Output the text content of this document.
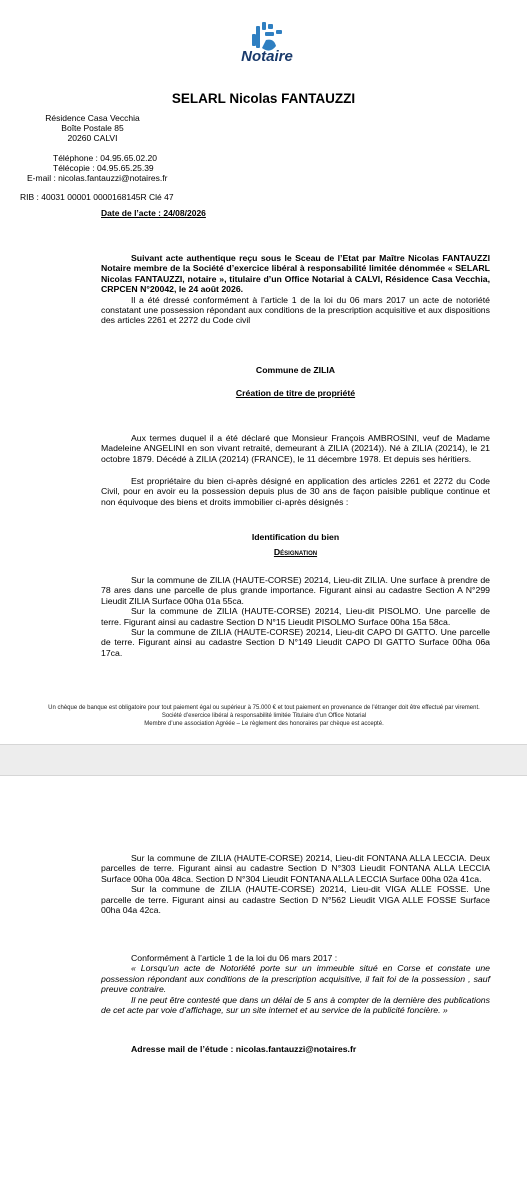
Notaire
SELARL Nicolas FANTAUZZI
Résidence Casa Vecchia
Boîte Postale 85
20260 CALVI
Téléphone : 04.95.65.02.20
Télécopie : 04.95.65.25.39
E-mail : nicolas.fantauzzi@notaires.fr
RIB : 40031 00001 0000168145R Clé 47
Date de l’acte : 24/08/2026
Suivant acte authentique reçu sous le Sceau de l’Etat par Maître Nicolas FANTAUZZI Notaire membre de la Société d’exercice libéral à responsabilité limitée dénommée « SELARL Nicolas FANTAUZZI, notaire », titulaire d’un Office Notarial à CALVI, Résidence Casa Vecchia, CRPCEN N°20042, le 24 août 2026.
Il a été dressé conformément à l’article 1 de la loi du 06 mars 2017 un acte de notoriété constatant une possession répondant aux conditions de la prescription acquisitive et aux dispositions des articles 2261 et 2272 du Code civil
Commune de ZILIA
Création de titre de propriété
Aux termes duquel il a été déclaré que Monsieur François AMBROSINI, veuf de Madame Madeleine ANGELINI en son vivant retraité, demeurant à ZILIA (20214)). Né à ZILIA (20214), le 21 octobre 1879. Décédé à ZILIA (20214) (FRANCE), le 11 décembre 1978. Et depuis ses héritiers.
Est propriétaire du bien ci-après désigné en application des articles 2261 et 2272 du Code Civil, pour en avoir eu la possession depuis plus de 30 ans de façon paisible publique continue et non équivoque des biens et droits immobilier ci-après désignés :
Identification du bien
Désignation
Sur la commune de ZILIA (HAUTE-CORSE) 20214, Lieu-dit ZILIA. Une surface à prendre de 78 ares dans une parcelle de plus grande importance. Figurant ainsi au cadastre Section A N°299 Lieudit ZILIA Surface 00ha 01a 55ca.
Sur la commune de ZILIA (HAUTE-CORSE) 20214, Lieu-dit PISOLMO. Une parcelle de terre. Figurant ainsi au cadastre Section D N°15 Lieudit PISOLMO Surface 00ha 15a 58ca.
Sur la commune de ZILIA (HAUTE-CORSE) 20214, Lieu-dit CAPO DI GATTO. Une parcelle de terre. Figurant ainsi au cadastre Section D N°149 Lieudit CAPO DI GATTO Surface 00ha 06a 17ca.
Un chèque de banque est obligatoire pour tout paiement égal ou supérieur à 75.000 € et tout paiement en provenance de l'étranger doit être effectué par virement.
Société d’exercice libéral à responsabilité limitée Titulaire d’un Office Notarial
Membre d’une association Agréée – Le règlement des honoraires par chèque est accepté.
Sur la commune de ZILIA (HAUTE-CORSE) 20214, Lieu-dit FONTANA ALLA LECCIA. Deux parcelles de terre. Figurant ainsi au cadastre Section D N°303 Lieudit FONTANA ALLA LECCIA Surface 00ha 00a 48ca. Section D N°304 Lieudit FONTANA ALLA LECCIA Surface 00ha 02a 41ca.
Sur la commune de ZILIA (HAUTE-CORSE) 20214, Lieu-dit VIGA ALLE FOSSE. Une parcelle de terre. Figurant ainsi au cadastre Section D N°562 Lieudit VIGA ALLE FOSSE Surface 00ha 04a 42ca.
Conformément à l’article 1 de la loi du 06 mars 2017 :
« Lorsqu’un acte de Notoriété porte sur un immeuble situé en Corse et constate une possession répondant aux conditions de la prescription acquisitive, il fait foi de la possession , sauf preuve contraire.
Il ne peut être contesté que dans un délai de 5 ans à compter de la dernière des publications de cet acte par voie d’affichage, sur un site internet et au service de la publicité foncière. »
Adresse mail de l’étude : nicolas.fantauzzi@notaires.fr
